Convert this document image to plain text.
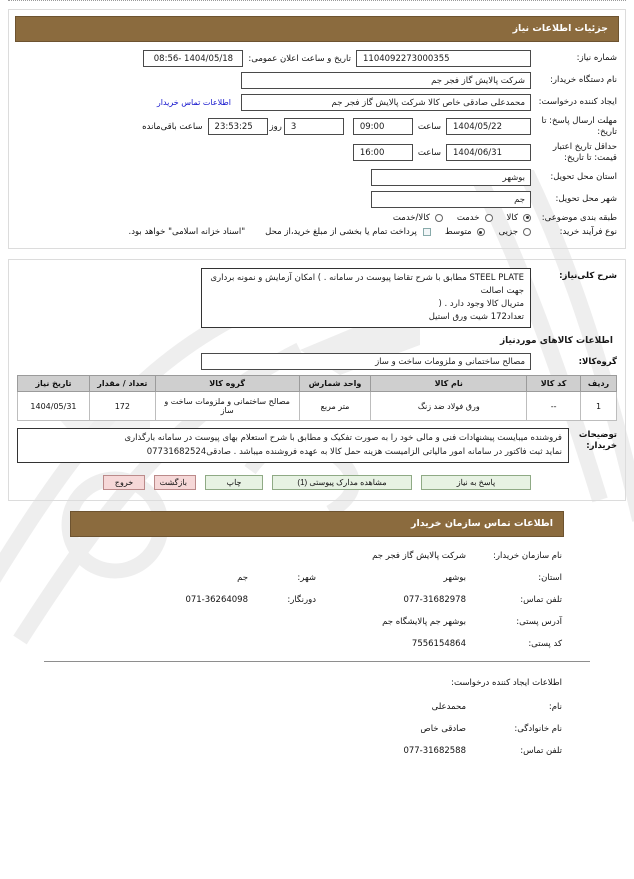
جزئیات اطلاعات نیاز
شماره نیاز:
1104092273000355
تاریخ و ساعت اعلان عمومی:
1404/05/18 -08:56
نام دستگاه خریدار:
شرکت پالایش گاز فجر جم
ایجاد کننده درخواست:
محمدعلی صادقی خاص کالا شرکت پالایش گاز فجر جم
اطلاعات تماس خریدار
مهلت ارسال پاسخ: تا تاریخ:
1404/05/22
ساعت
09:00
3
روز
23:53:25
ساعت باقی‌مانده
حداقل تاریخ اعتبار قیمت: تا تاریخ:
1404/06/31
ساعت
16:00
استان محل تحویل:
بوشهر
شهر محل تحویل:
جم
طبقه بندی موضوعی:
کالا
خدمت
کالا/خدمت
نوع فرآیند خرید:
جزیی
متوسط
پرداخت تمام یا بخشی از مبلغ خرید،از محل
"اسناد خزانه اسلامی" خواهد بود.
شرح کلی‌نیاز:
STEEL PLATE مطابق با شرح تقاضا پیوست در سامانه . ) امکان آزمایش و نمونه برداری جهت اصالت
متریال کالا وجود دارد . (
تعداد172 شیت ورق استیل
اطلاعات کالاهای موردنیاز
گروه‌کالا:
مصالح ساختمانی و ملزومات ساخت و ساز
ردیف	کد کالا	نام کالا	واحد شمارش	گروه کالا	تعداد / مقدار	تاریخ نیاز
1	--	ورق فولاد ضد زنگ	متر مربع	مصالح ساختمانی و ملزومات ساخت و ساز	172	1404/05/31
توضیحات خریدار:
فروشنده میبایست پیشنهادات فنی و مالی خود را به صورت تفکیک و مطابق با شرح استعلام بهای پیوست در سامانه بارگذاری
نماید ثبت فاکتور در سامانه امور مالیاتی الزامیست هزینه حمل کالا به عهده فروشنده میباشد . صادقی07731682524
پاسخ به نیاز
مشاهده مدارک پیوستی (1)
چاپ
بازگشت
خروج
اطلاعات تماس سازمان خریدار
نام سازمان خریدار:
شرکت پالایش گاز فجر جم
استان:
بوشهر
شهر:
جم
تلفن تماس:
077-31682978
دورنگار:
071-36264098
آدرس پستی:
بوشهر جم پالایشگاه جم
کد پستی:
7556154864
اطلاعات ایجاد کننده درخواست:
نام:
محمدعلی
نام خانوادگی:
صادقی خاص
تلفن تماس:
077-31682588
